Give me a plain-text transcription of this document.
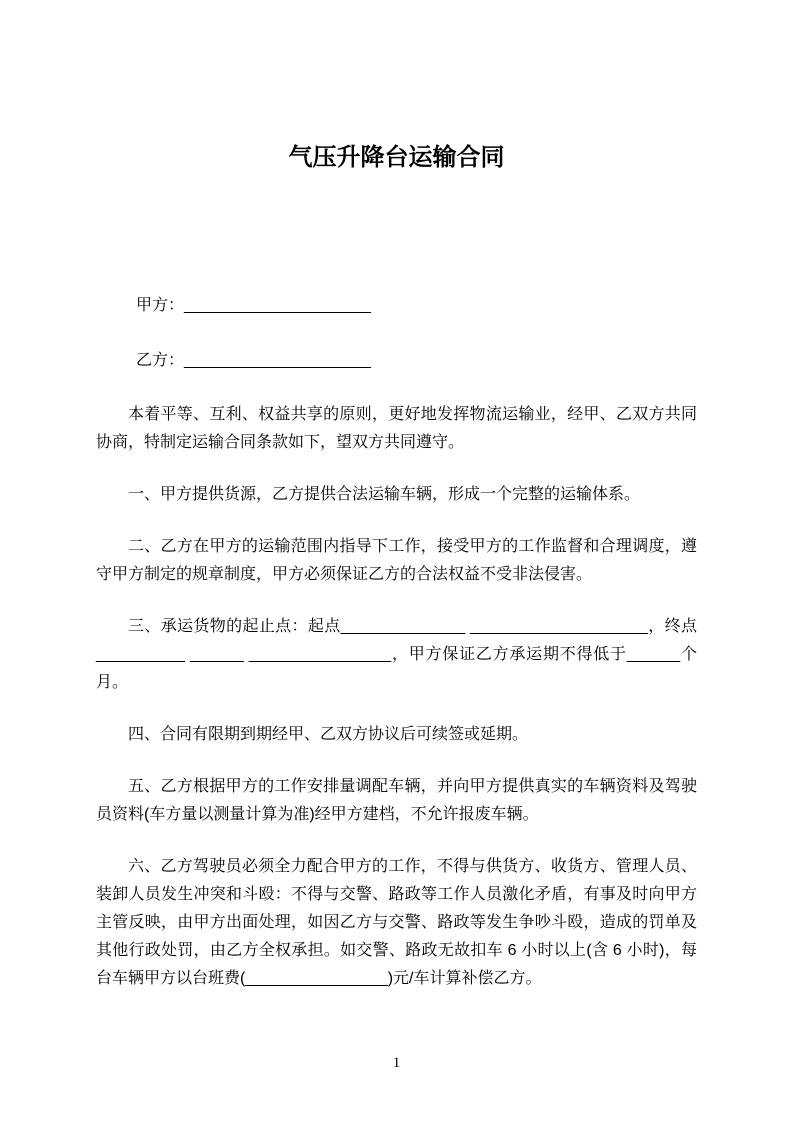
气压升降台运输合同

甲方：_____________________

乙方：_____________________

本着平等、互利、权益共享的原则，更好地发挥物流运输业，经甲、乙双方共同协商，特制定运输合同条款如下，望双方共同遵守。

一、甲方提供货源，乙方提供合法运输车辆，形成一个完整的运输体系。

二、乙方在甲方的运输范围内指导下工作，接受甲方的工作监督和合理调度，遵守甲方制定的规章制度，甲方必须保证乙方的合法权益不受非法侵害。

三、承运货物的起止点：起点______________ ____________________，终点__________ ______ ________________，甲方保证乙方承运期不得低于______个月。

四、合同有限期到期经甲、乙双方协议后可续签或延期。

五、乙方根据甲方的工作安排量调配车辆，并向甲方提供真实的车辆资料及驾驶员资料(车方量以测量计算为准)经甲方建档，不允许报废车辆。

六、乙方驾驶员必须全力配合甲方的工作，不得与供货方、收货方、管理人员、装卸人员发生冲突和斗殴：不得与交警、路政等工作人员激化矛盾，有事及时向甲方主管反映，由甲方出面处理，如因乙方与交警、路政等发生争吵斗殴，造成的罚单及其他行政处罚，由乙方全权承担。如交警、路政无故扣车 6 小时以上(含 6 小时)，每台车辆甲方以台班费(________________)元/车计算补偿乙方。

1
